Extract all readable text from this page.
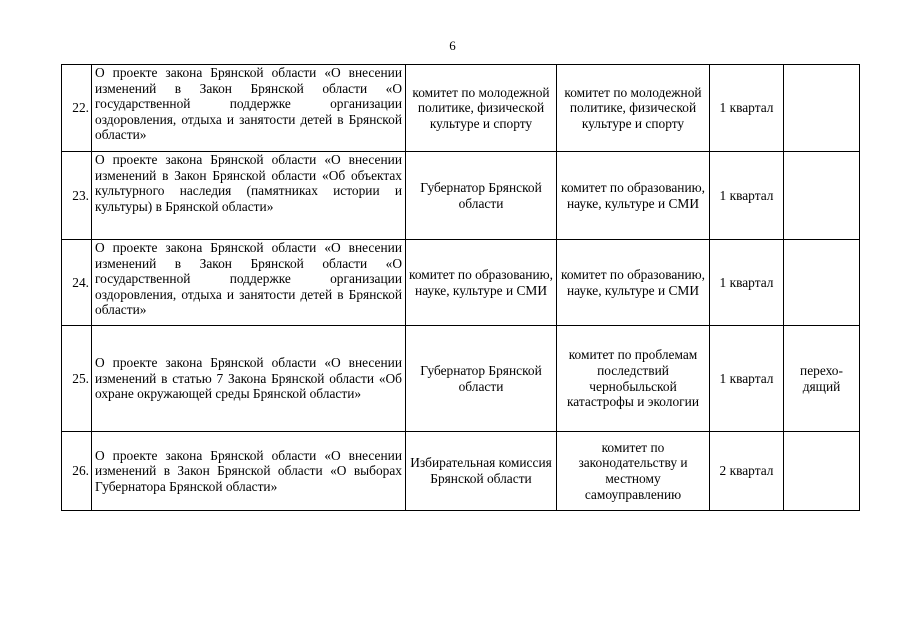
6
22.	О проекте закона Брянской области «О внесении изменений в Закон Брянской области «О государственной поддержке организации оздоровления, отдыха и занятости детей в Брянской области»	комитет по молодежной политике, физической культуре и спорту	комитет по молодежной политике, физической культуре и спорту	1 квартал	
23.	О проекте закона Брянской области «О внесении изменений в Закон Брянской области «Об объектах культурного наследия (памятниках истории и культуры) в Брянской области»	Губернатор Брянской области	комитет по образованию, науке, культуре и СМИ	1 квартал	
24.	О проекте закона Брянской области «О внесении изменений в Закон Брянской области «О государственной поддержке организации оздоровления, отдыха и занятости детей в Брянской области»	комитет по образованию, науке, культуре и СМИ	комитет по образованию, науке, культуре и СМИ	1 квартал	
25.	О проекте закона Брянской области «О внесении изменений в статью 7 Закона Брянской области «Об охране окружающей среды Брянской области»	Губернатор Брянской области	комитет по проблемам последствий чернобыльской катастрофы и экологии	1 квартал	перехо-дящий
26.	О проекте закона Брянской области «О внесении изменений в Закон Брянской области «О выборах Губернатора Брянской области»	Избирательная комиссия Брянской области	комитет по законодательству и местному самоуправлению	2 квартал	
